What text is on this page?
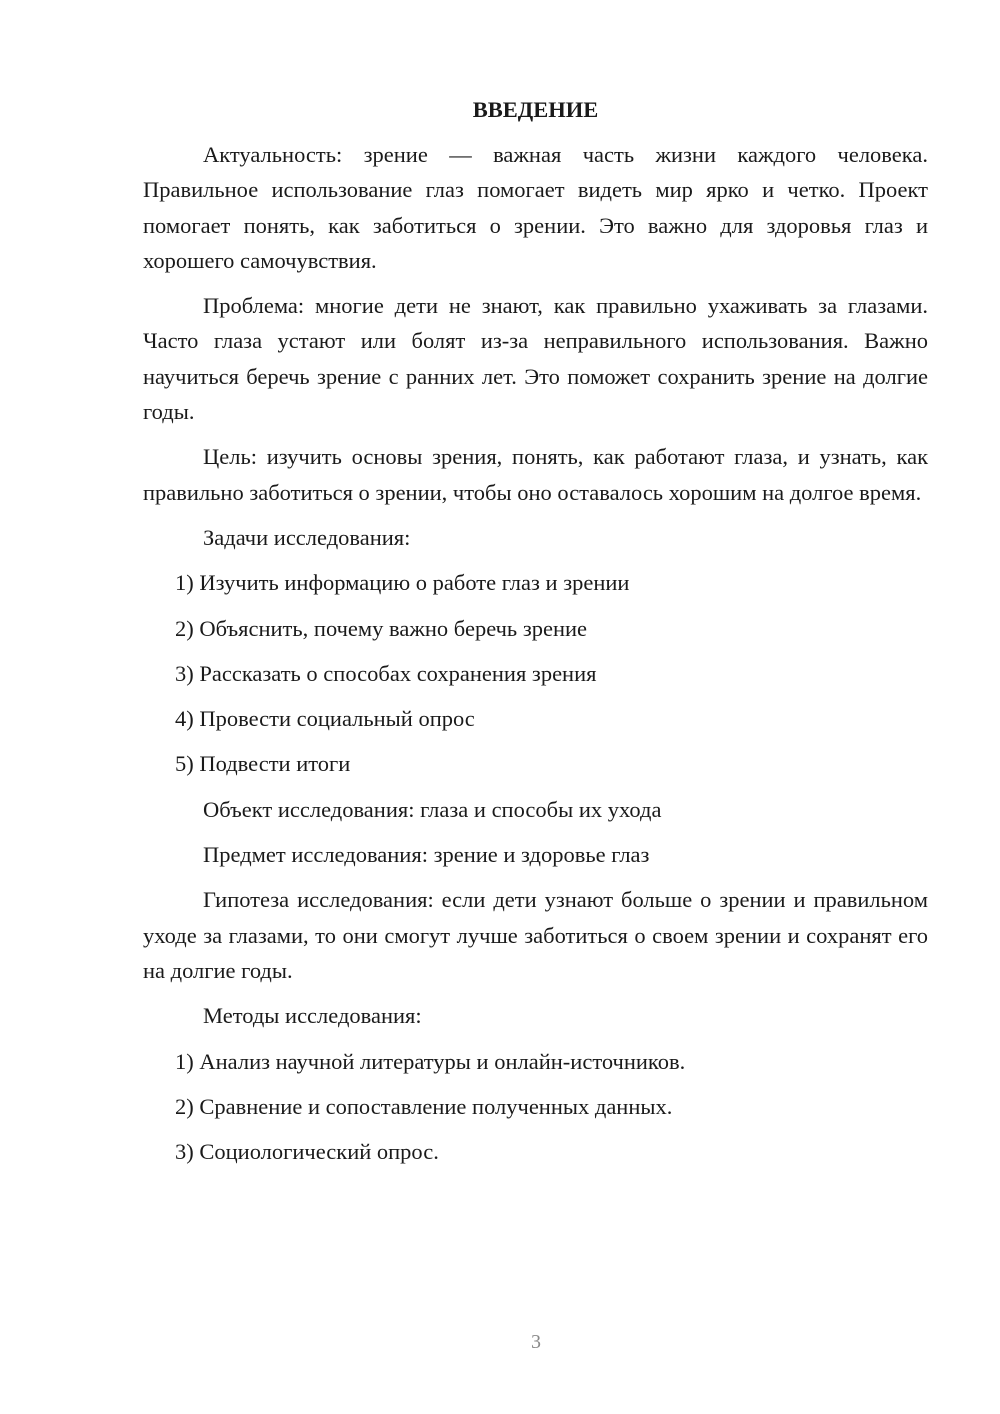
ВВЕДЕНИЕ

Актуальность: зрение — важная часть жизни каждого человека. Правильное использование глаз помогает видеть мир ярко и четко. Проект помогает понять, как заботиться о зрении. Это важно для здоровья глаз и хорошего самочувствия.

Проблема: многие дети не знают, как правильно ухаживать за глазами. Часто глаза устают или болят из-за неправильного использования. Важно научиться беречь зрение с ранних лет. Это поможет сохранить зрение на долгие годы.

Цель: изучить основы зрения, понять, как работают глаза, и узнать, как правильно заботиться о зрении, чтобы оно оставалось хорошим на долгое время.

Задачи исследования:
1) Изучить информацию о работе глаз и зрении
2) Объяснить, почему важно беречь зрение
3) Рассказать о способах сохранения зрения
4) Провести социальный опрос
5) Подвести итоги
Объект исследования: глаза и способы их ухода
Предмет исследования: зрение и здоровье глаз

Гипотеза исследования: если дети узнают больше о зрении и правильном уходе за глазами, то они смогут лучше заботиться о своем зрении и сохранят его на долгие годы.

Методы исследования:
1) Анализ научной литературы и онлайн-источников.
2) Сравнение и сопоставление полученных данных.
3) Социологический опрос.
3
